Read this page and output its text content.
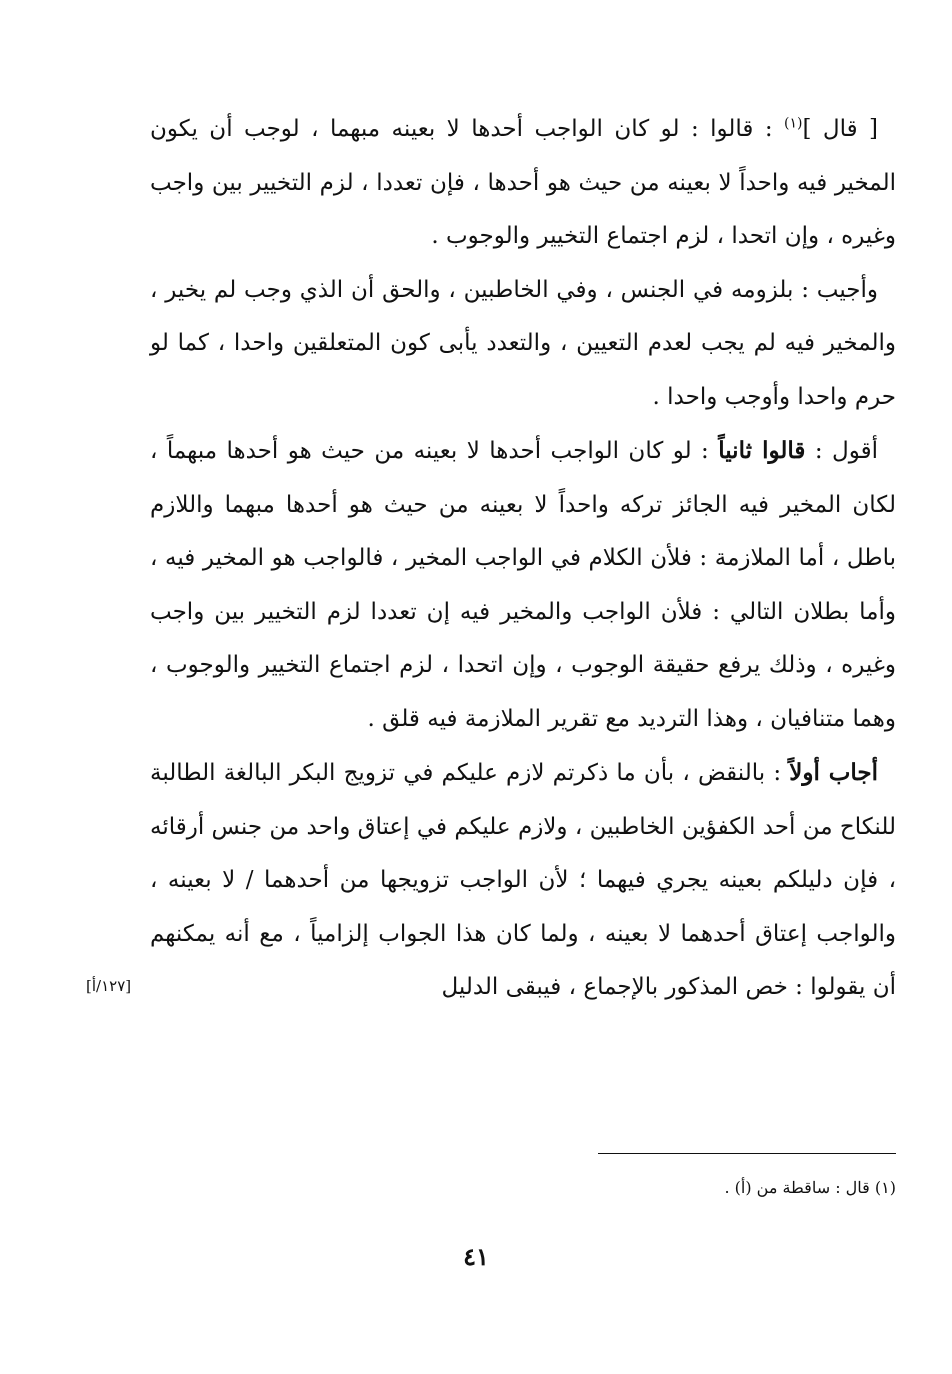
[ قال ]$^{(١)}$ : قالوا : لو كان الواجب أحدها لا بعينه مبهما ، لوجب أن يكون المخير فيه واحداً لا بعينه من حيث هو أحدها ، فإن تعددا ، لزم التخيير بين واجب وغيره ، وإن اتحدا ، لزم اجتماع التخيير والوجوب .

وأجيب : بلزومه في الجنس ، وفي الخاطبين ، والحق أن الذي وجب لم يخير ، والمخير فيه لم يجب لعدم التعيين ، والتعدد يأبى كون المتعلقين واحدا ، كما لو حرم واحدا وأوجب واحدا .

أقول : قالوا ثانياً : لو كان الواجب أحدها لا بعينه من حيث هو أحدها مبهماً ، لكان المخير فيه الجائز تركه واحداً لا بعينه من حيث هو أحدها مبهما واللازم باطل ، أما الملازمة : فلأن الكلام في الواجب المخير ، فالواجب هو المخير فيه ، وأما بطلان التالي : فلأن الواجب والمخير فيه إن تعددا لزم التخيير بين واجب وغيره ، وذلك يرفع حقيقة الوجوب ، وإن اتحدا ، لزم اجتماع التخيير والوجوب ، وهما متنافيان ، وهذا الترديد مع تقرير الملازمة فيه قلق .

أجاب أولاً : بالنقض ، بأن ما ذكرتم لازم عليكم في تزويج البكر البالغة الطالبة للنكاح من أحد الكفؤين الخاطبين ، ولازم عليكم في إعتاق واحد من جنس أرقائه ، فإن دليلكم بعينه يجري فيهما ؛ لأن الواجب تزويجها من أحدهما / لا بعينه ، والواجب إعتاق أحدهما لا بعينه ، ولما كان هذا الجواب إلزامياً ، مع أنه يمكنهم أن يقولوا : خص المذكور بالإجماع ، فيبقى الدليل

[١٢٧/أ]
(١) قال : ساقطة من (أ) .
٤١
